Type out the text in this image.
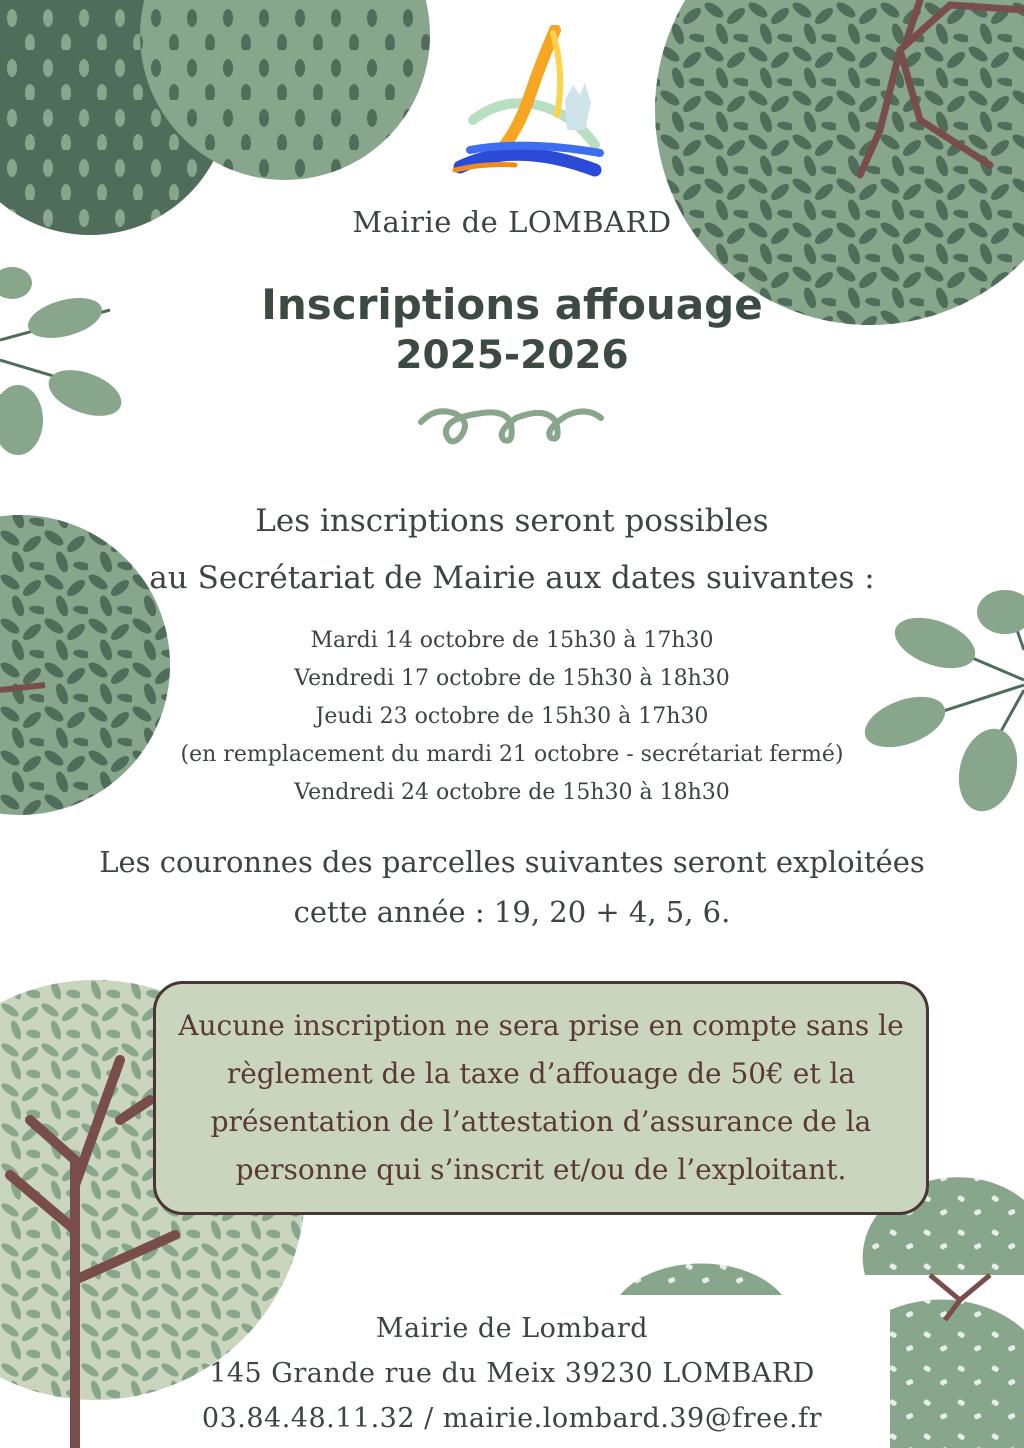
Mairie de LOMBARD
Inscriptions affouage
2025-2026
Les inscriptions seront possibles
au Secrétariat de Mairie aux dates suivantes :
Mardi 14 octobre de 15h30 à 17h30
Vendredi 17 octobre de 15h30 à 18h30
Jeudi 23 octobre de 15h30 à 17h30
(en remplacement du mardi 21 octobre - secrétariat fermé)
Vendredi 24 octobre de 15h30 à 18h30
Les couronnes des parcelles suivantes seront exploitées
cette année : 19, 20 + 4, 5, 6.
Aucune inscription ne sera prise en compte sans le
règlement de la taxe d’affouage de 50€ et la
présentation de l’attestation d’assurance de la
personne qui s’inscrit et/ou de l’exploitant.
Mairie de Lombard
145 Grande rue du Meix 39230 LOMBARD
03.84.48.11.32 / mairie.lombard.39@free.fr
